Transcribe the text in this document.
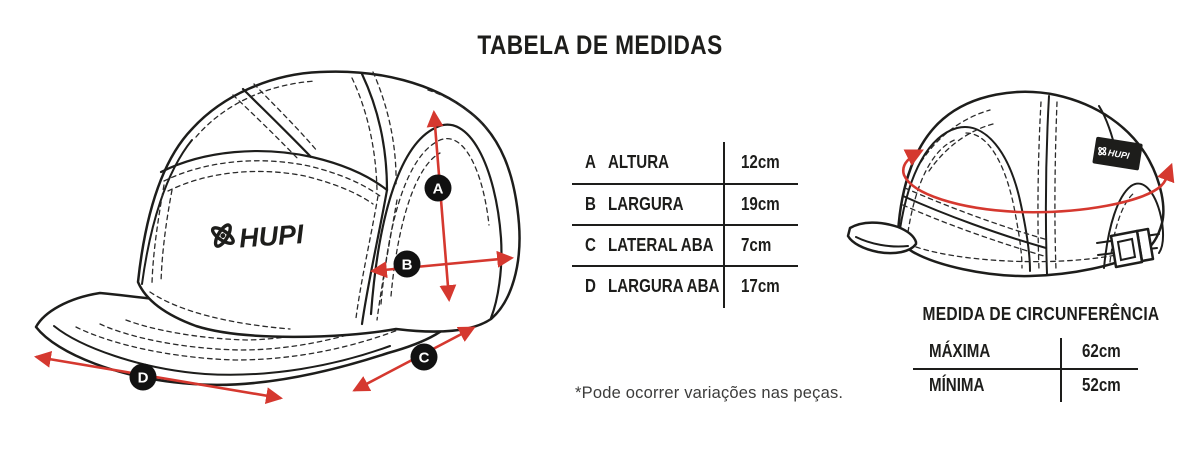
TABELA DE MEDIDAS
HUPI
A
B
C
D
A ALTURA	12cm
B LARGURA	19cm
C LATERAL ABA	7cm
D LARGURA ABA	17cm
*Pode ocorrer variações nas peças.
HUPI
MEDIDA DE CIRCUNFERÊNCIA
MÁXIMA	62cm
MÍNIMA	52cm
